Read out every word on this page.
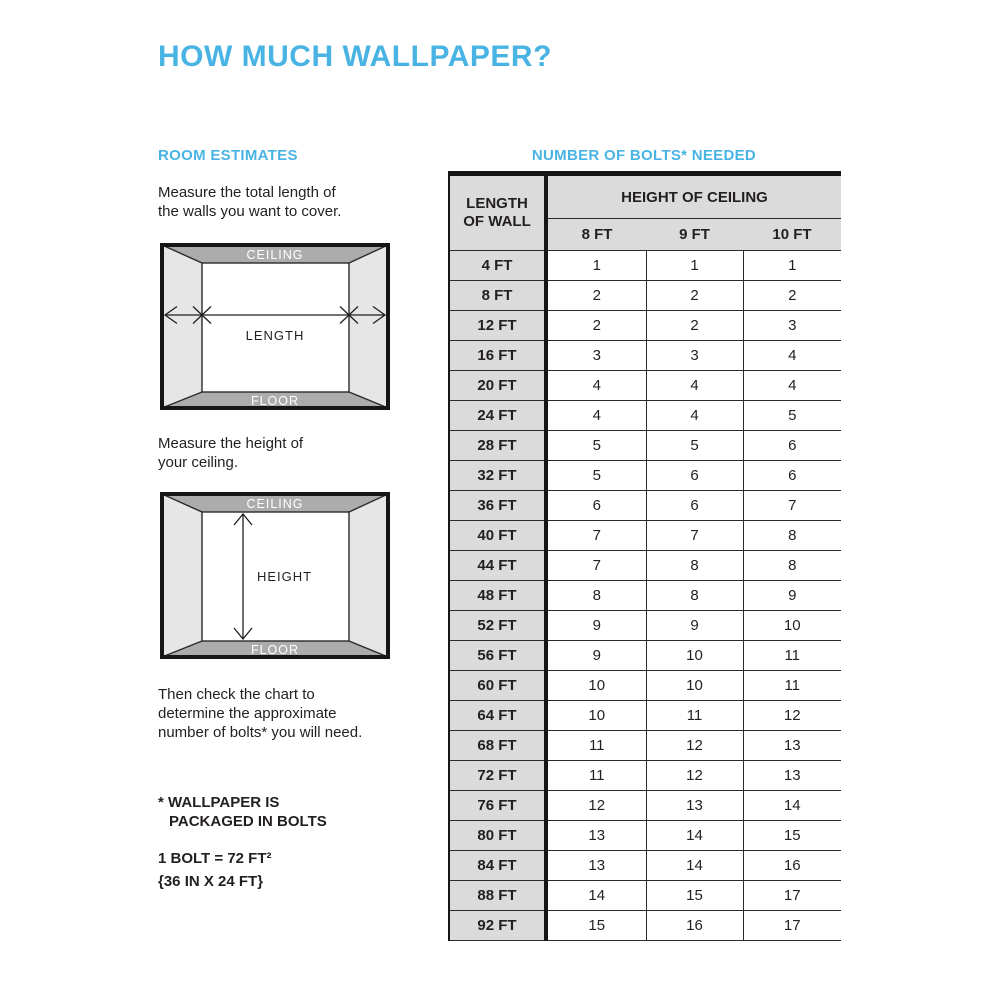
HOW MUCH WALLPAPER?
ROOM ESTIMATES

Measure the total length of
the walls you want to cover.

CEILING
FLOOR
LENGTH

Measure the height of
your ceiling.

CEILING
FLOOR
HEIGHT

Then check the chart to
determine the approximate
number of bolts* you will need.

* WALLPAPER IS
PACKAGED IN BOLTS

1 BOLT = 72 FT²
{36 IN X 24 FT}

NUMBER OF BOLTS* NEEDED
LENGTH
OF WALL	HEIGHT OF CEILING		
	8 FT	9 FT	10 FT
4 FT	1	1	1
8 FT	2	2	2
12 FT	2	2	3
16 FT	3	3	4
20 FT	4	4	4
24 FT	4	4	5
28 FT	5	5	6
32 FT	5	6	6
36 FT	6	6	7
40 FT	7	7	8
44 FT	7	8	8
48 FT	8	8	9
52 FT	9	9	10
56 FT	9	10	11
60 FT	10	10	11
64 FT	10	11	12
68 FT	11	12	13
72 FT	11	12	13
76 FT	12	13	14
80 FT	13	14	15
84 FT	13	14	16
88 FT	14	15	17
92 FT	15	16	17
